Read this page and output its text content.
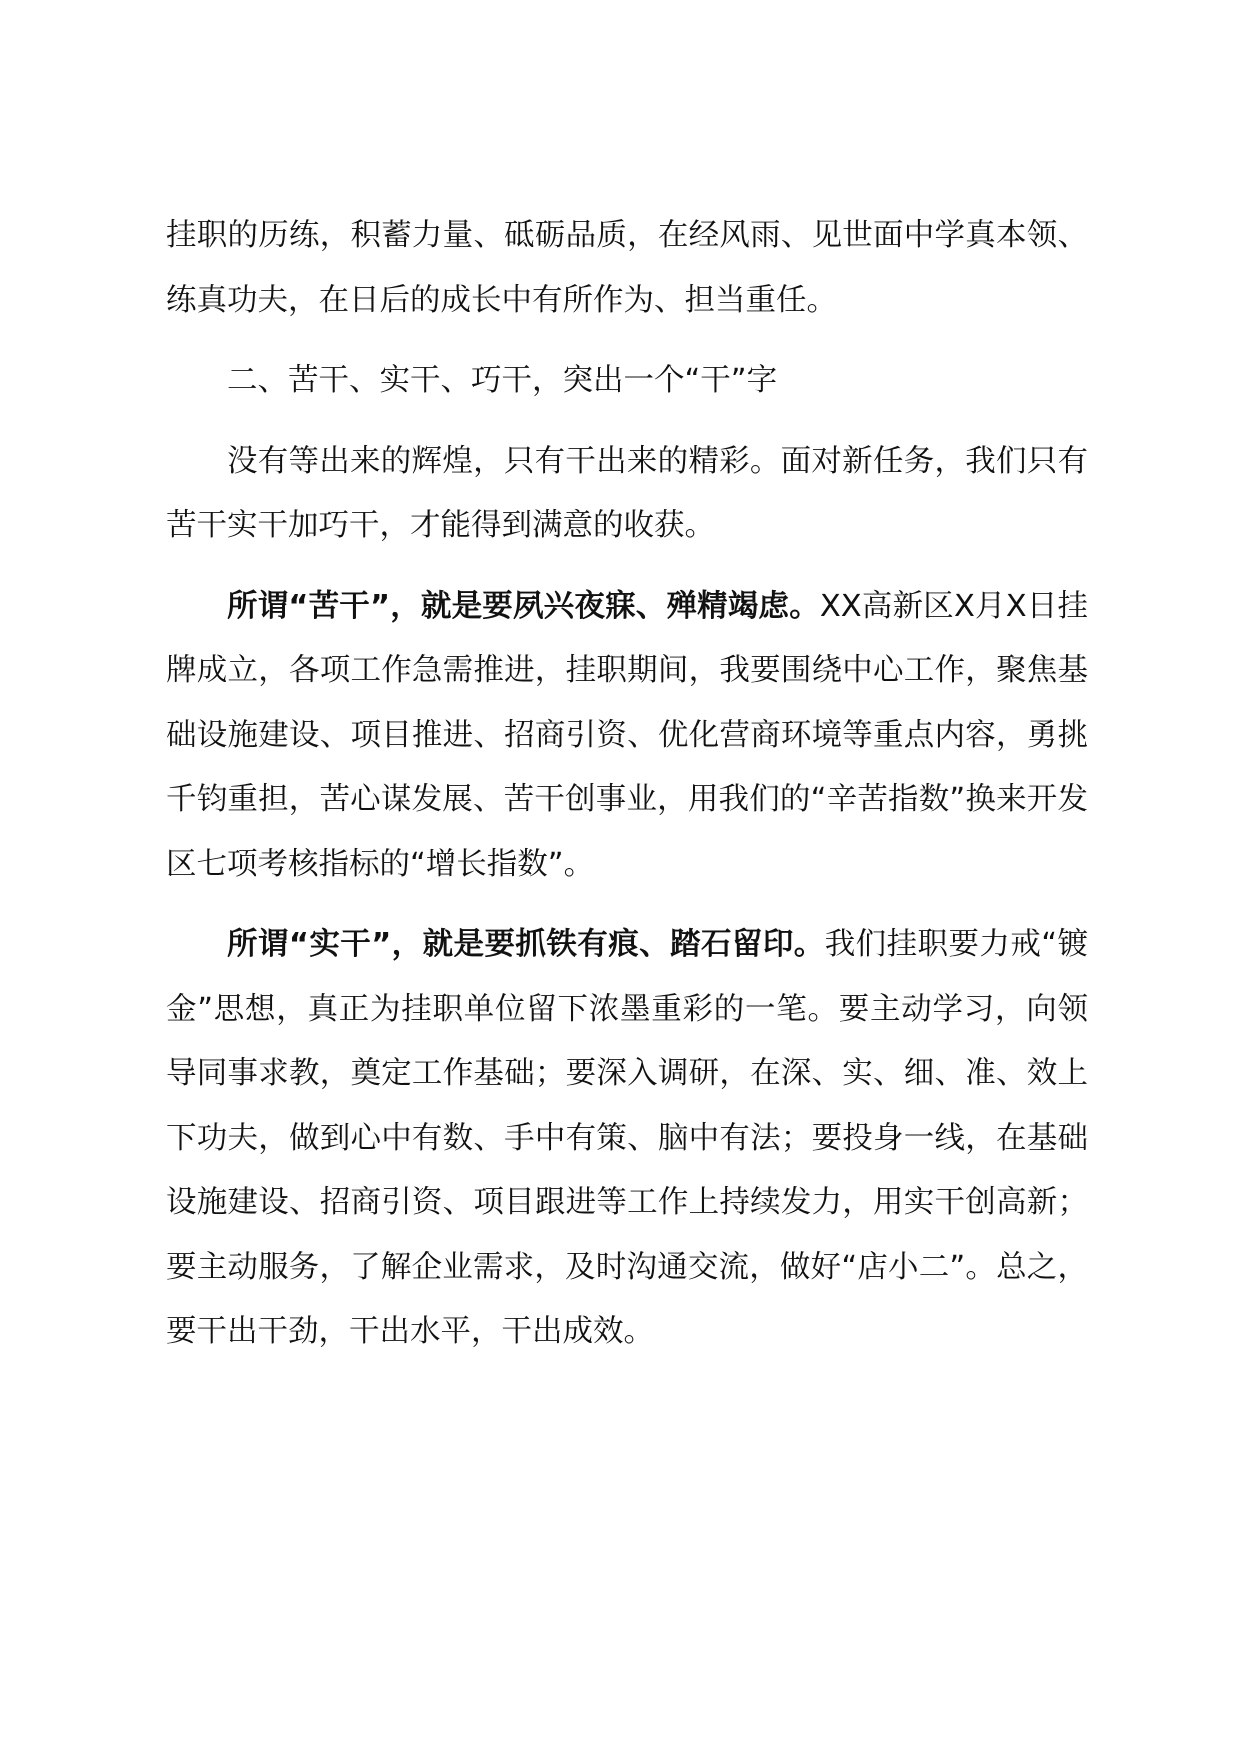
挂职的历练，积蓄力量、砥砺品质，在经风雨、见世面中学真本领、练真功夫，在日后的成长中有所作为、担当重任。

二、苦干、实干、巧干，突出一个“干”字

没有等出来的辉煌，只有干出来的精彩。面对新任务，我们只有苦干实干加巧干，才能得到满意的收获。

所谓“苦干”，就是要夙兴夜寐、殚精竭虑。XX高新区X月X日挂牌成立，各项工作急需推进，挂职期间，我要围绕中心工作，聚焦基础设施建设、项目推进、招商引资、优化营商环境等重点内容，勇挑千钧重担，苦心谋发展、苦干创事业，用我们的“辛苦指数”换来开发区七项考核指标的“增长指数”。

所谓“实干”，就是要抓铁有痕、踏石留印。我们挂职要力戒“镀金”思想，真正为挂职单位留下浓墨重彩的一笔。要主动学习，向领导同事求教，奠定工作基础；要深入调研，在深、实、细、准、效上下功夫，做到心中有数、手中有策、脑中有法；要投身一线，在基础设施建设、招商引资、项目跟进等工作上持续发力，用实干创高新；要主动服务，了解企业需求，及时沟通交流，做好“店小二”。总之，要干出干劲，干出水平，干出成效。
